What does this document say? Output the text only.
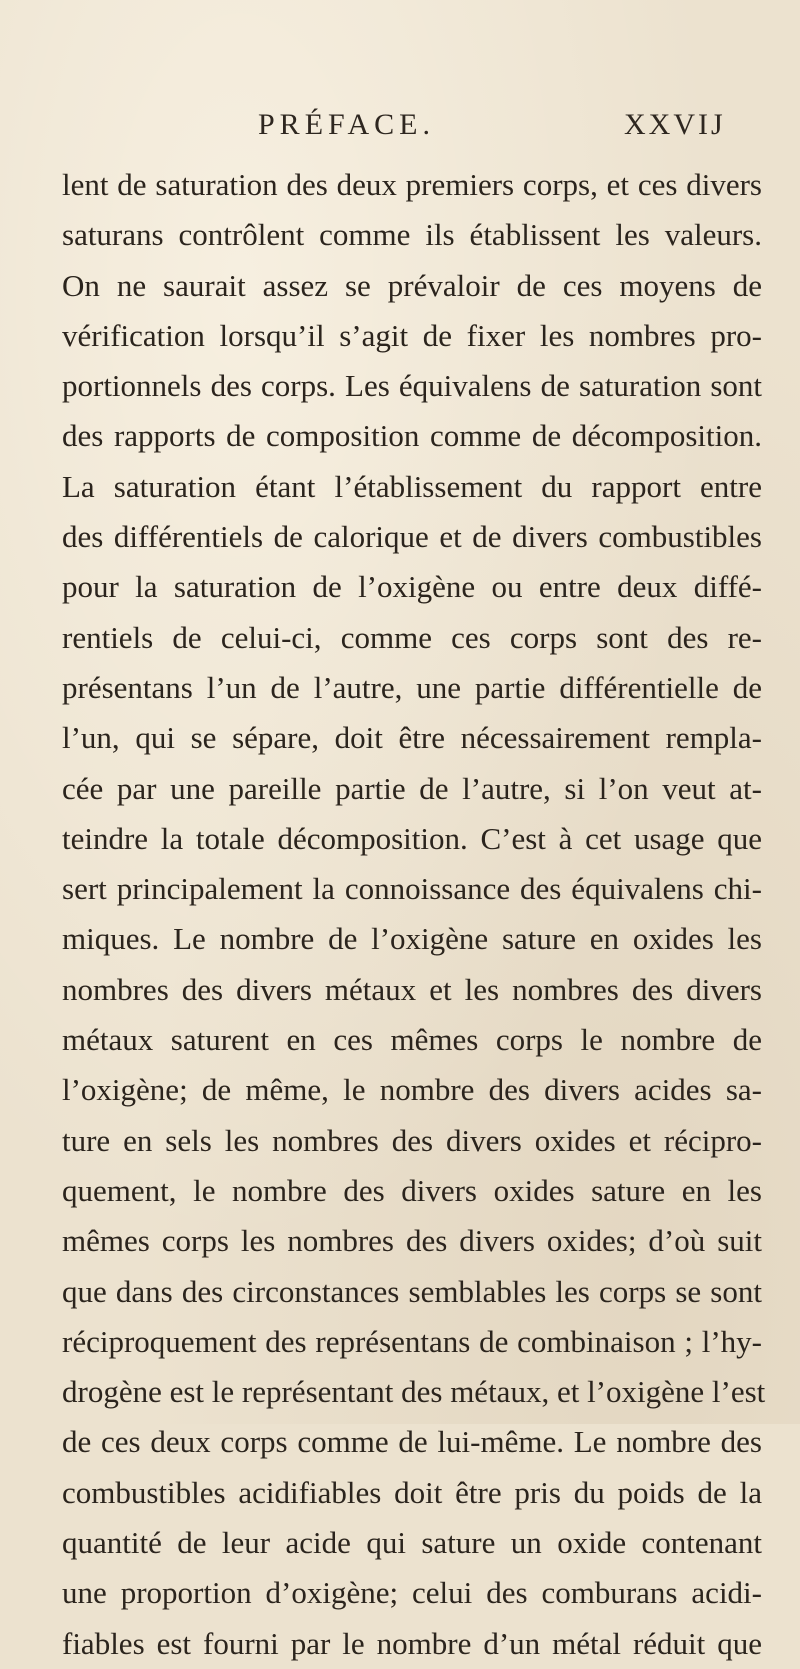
PRÉFACE.	XXVIJ
lent de saturation des deux premiers corps, et ces divers
saturans contrôlent comme ils établissent les valeurs.
On ne saurait assez se prévaloir de ces moyens de
vérification lorsqu’il s’agit de fixer les nombres pro-
portionnels des corps. Les équivalens de saturation sont
des rapports de composition comme de décomposition.
La saturation étant l’établissement du rapport entre
des différentiels de calorique et de divers combustibles
pour la saturation de l’oxigène ou entre deux diffé-
rentiels de celui-ci, comme ces corps sont des re-
présentans l’un de l’autre, une partie différentielle de
l’un, qui se sépare, doit être nécessairement rempla-
cée par une pareille partie de l’autre, si l’on veut at-
teindre la totale décomposition. C’est à cet usage que
sert principalement la connoissance des équivalens chi-
miques. Le nombre de l’oxigène sature en oxides les
nombres des divers métaux et les nombres des divers
métaux saturent en ces mêmes corps le nombre de
l’oxigène; de même, le nombre des divers acides sa-
ture en sels les nombres des divers oxides et récipro-
quement, le nombre des divers oxides sature en les
mêmes corps les nombres des divers oxides; d’où suit
que dans des circonstances semblables les corps se sont
réciproquement des représentans de combinaison ; l’hy-
drogène est le représentant des métaux, et l’oxigène l’est
de ces deux corps comme de lui-même. Le nombre des
combustibles acidifiables doit être pris du poids de la
quantité de leur acide qui sature un oxide contenant
une proportion d’oxigène; celui des comburans acidi-
fiables est fourni par le nombre d’un métal réduit que
